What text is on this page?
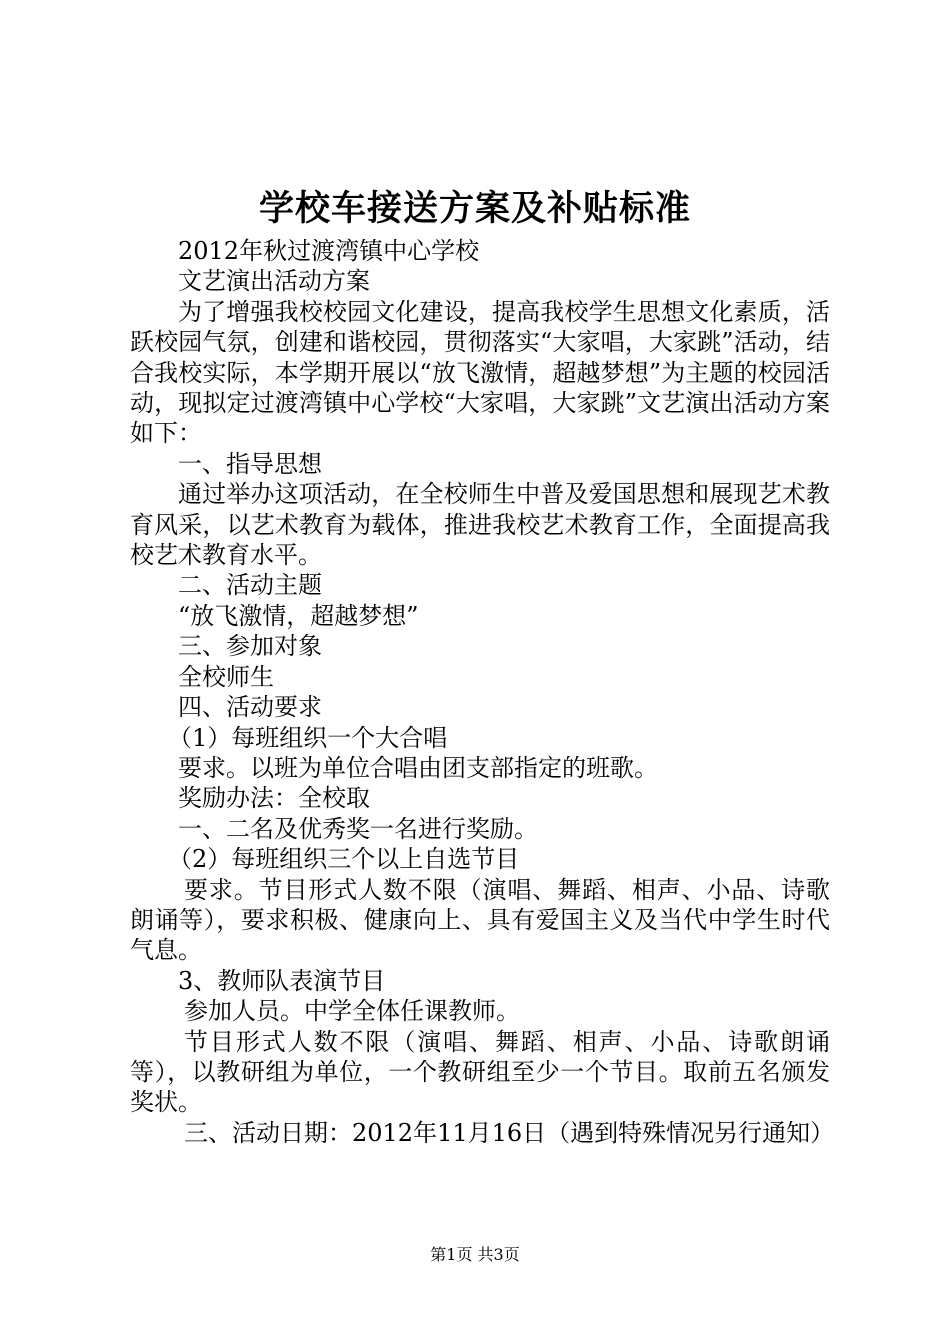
学校车接送方案及补贴标准

2012年秋过渡湾镇中心学校

文艺演出活动方案

为了增强我校校园文化建设，提高我校学生思想文化素质，活跃校园气氛，创建和谐校园，贯彻落实“大家唱，大家跳”活动，结合我校实际，本学期开展以“放飞激情，超越梦想”为主题的校园活动，现拟定过渡湾镇中心学校“大家唱，大家跳”文艺演出活动方案如下：

一、指导思想

通过举办这项活动，在全校师生中普及爱国思想和展现艺术教育风采，以艺术教育为载体，推进我校艺术教育工作，全面提高我校艺术教育水平。

二、活动主题

“放飞激情，超越梦想”

三、参加对象

全校师生

四、活动要求

（1）每班组织一个大合唱

要求。以班为单位合唱由团支部指定的班歌。

奖励办法：全校取

一、二名及优秀奖一名进行奖励。

（2）每班组织三个以上自选节目

要求。节目形式人数不限（演唱、舞蹈、相声、小品、诗歌朗诵等），要求积极、健康向上、具有爱国主义及当代中学生时代气息。

3、教师队表演节目

参加人员。中学全体任课教师。

节目形式人数不限（演唱、舞蹈、相声、小品、诗歌朗诵等），以教研组为单位，一个教研组至少一个节目。取前五名颁发奖状。

三、活动日期：2012年11月16日（遇到特殊情况另行通知）

第1页 共3页
